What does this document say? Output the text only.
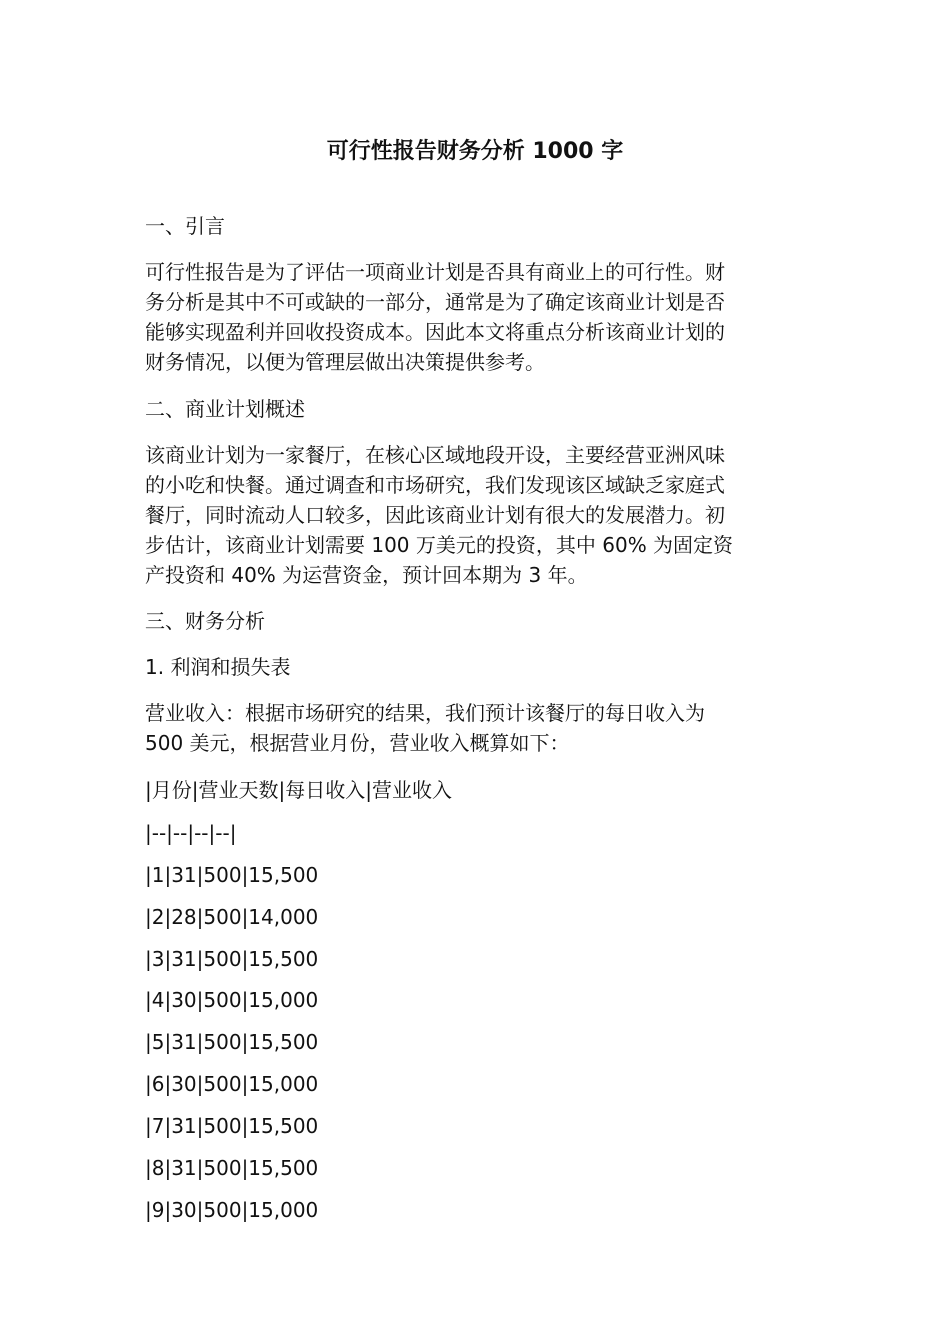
可行性报告财务分析 1000 字
一、引言
可行性报告是为了评估一项商业计划是否具有商业上的可行性。财
务分析是其中不可或缺的一部分，通常是为了确定该商业计划是否
能够实现盈利并回收投资成本。因此本文将重点分析该商业计划的
财务情况，以便为管理层做出决策提供参考。
二、商业计划概述
该商业计划为一家餐厅，在核心区域地段开设，主要经营亚洲风味
的小吃和快餐。通过调查和市场研究，我们发现该区域缺乏家庭式
餐厅，同时流动人口较多，因此该商业计划有很大的发展潜力。初
步估计，该商业计划需要 100 万美元的投资，其中 60% 为固定资
产投资和 40% 为运营资金，预计回本期为 3 年。
三、财务分析
1. 利润和损失表
营业收入：根据市场研究的结果，我们预计该餐厅的每日收入为
500 美元，根据营业月份，营业收入概算如下：
|月份|营业天数|每日收入|营业收入
|--|--|--|--|
|1|31|500|15,500
|2|28|500|14,000
|3|31|500|15,500
|4|30|500|15,000
|5|31|500|15,500
|6|30|500|15,000
|7|31|500|15,500
|8|31|500|15,500
|9|30|500|15,000
